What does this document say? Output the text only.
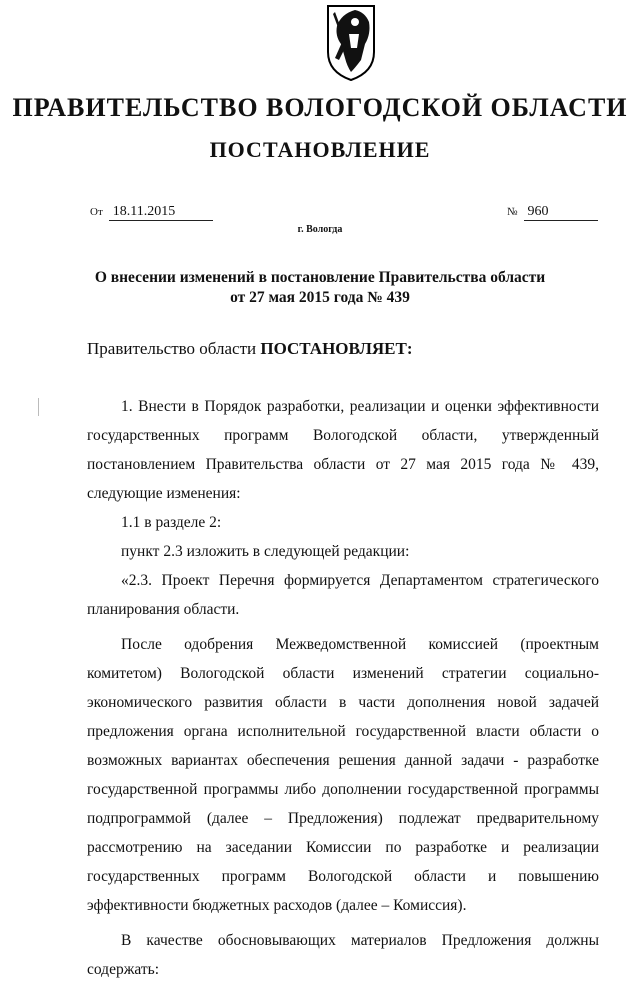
ПРАВИТЕЛЬСТВО ВОЛОГОДСКОЙ ОБЛАСТИ
ПОСТАНОВЛЕНИЕ
От 18.11.2015	№ 960
г. Вологда
О внесении изменений в постановление Правительства области
от 27 мая 2015 года № 439
Правительство области ПОСТАНОВЛЯЕТ:

1. Внести в Порядок разработки, реализации и оценки эффективности государственных программ Вологодской области, утвержденный постановлением Правительства области от 27 мая 2015 года № 439, следующие изменения:

1.1 в разделе 2:

пункт 2.3 изложить в следующей редакции:

«2.3. Проект Перечня формируется Департаментом стратегического планирования области.

После одобрения Межведомственной комиссией (проектным комитетом) Вологодской области изменений стратегии социально-экономического развития области в части дополнения новой задачей предложения органа исполнительной государственной власти области о возможных вариантах обеспечения решения данной задачи - разработке государственной программы либо дополнении государственной программы подпрограммой (далее – Предложения) подлежат предварительному рассмотрению на заседании Комиссии по разработке и реализации государственных программ Вологодской области и повышению эффективности бюджетных расходов (далее – Комиссия).

В качестве обосновывающих материалов Предложения должны содержать:
